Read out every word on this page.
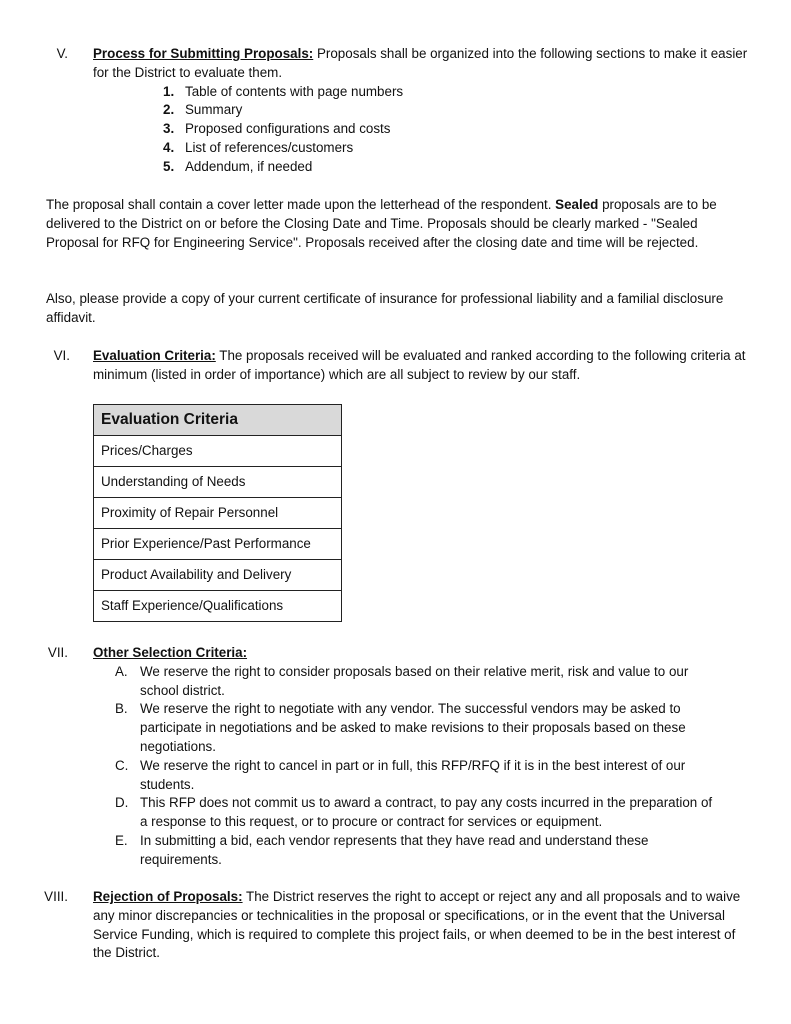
V. Process for Submitting Proposals: Proposals shall be organized into the following sections to make it easier for the District to evaluate them.
1. Table of contents with page numbers
2. Summary
3. Proposed configurations and costs
4. List of references/customers
5. Addendum, if needed
The proposal shall contain a cover letter made upon the letterhead of the respondent. Sealed proposals are to be delivered to the District on or before the Closing Date and Time. Proposals should be clearly marked - "Sealed Proposal for RFQ for Engineering Service". Proposals received after the closing date and time will be rejected.
Also, please provide a copy of your current certificate of insurance for professional liability and a familial disclosure affidavit.
VI. Evaluation Criteria: The proposals received will be evaluated and ranked according to the following criteria at minimum (listed in order of importance) which are all subject to review by our staff.
Evaluation Criteria
Prices/Charges
Understanding of Needs
Proximity of Repair Personnel
Prior Experience/Past Performance
Product Availability and Delivery
Staff Experience/Qualifications
VII. Other Selection Criteria:
A. We reserve the right to consider proposals based on their relative merit, risk and value to our school district.
B. We reserve the right to negotiate with any vendor. The successful vendors may be asked to participate in negotiations and be asked to make revisions to their proposals based on these negotiations.
C. We reserve the right to cancel in part or in full, this RFP/RFQ if it is in the best interest of our students.
D. This RFP does not commit us to award a contract, to pay any costs incurred in the preparation of a response to this request, or to procure or contract for services or equipment.
E. In submitting a bid, each vendor represents that they have read and understand these requirements.
VIII. Rejection of Proposals: The District reserves the right to accept or reject any and all proposals and to waive any minor discrepancies or technicalities in the proposal or specifications, or in the event that the Universal Service Funding, which is required to complete this project fails, or when deemed to be in the best interest of the District.
